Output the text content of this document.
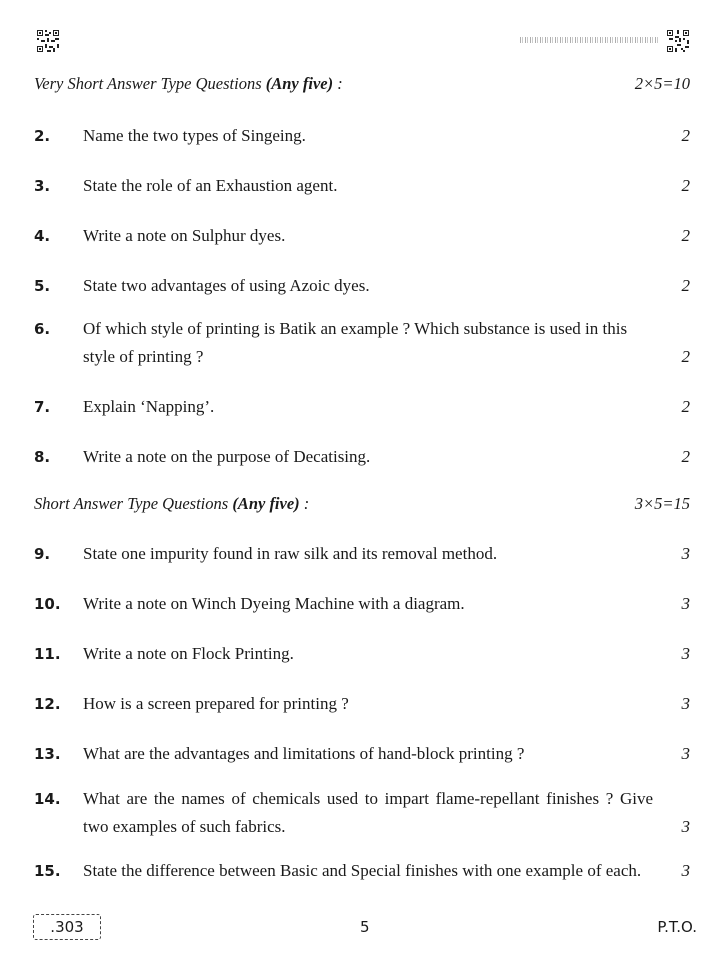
Very Short Answer Type Questions (Any five) :	2×5=10
2. Name the two types of Singeing.	2
3. State the role of an Exhaustion agent.	2
4. Write a note on Sulphur dyes.	2
5. State two advantages of using Azoic dyes.	2
6. Of which style of printing is Batik an example ? Which substance is used in this style of printing ?	2
7. Explain ‘Napping’.	2
8. Write a note on the purpose of Decatising.	2
Short Answer Type Questions (Any five) :	3×5=15
9. State one impurity found in raw silk and its removal method.	3
10. Write a note on Winch Dyeing Machine with a diagram.	3
11. Write a note on Flock Printing.	3
12. How is a screen prepared for printing ?	3
13. What are the advantages and limitations of hand-block printing ?	3
14. What are the names of chemicals used to impart flame-repellant finishes ? Give two examples of such fabrics.	3
15. State the difference between Basic and Special finishes with one example of each.	3
.303	5	P.T.O.
